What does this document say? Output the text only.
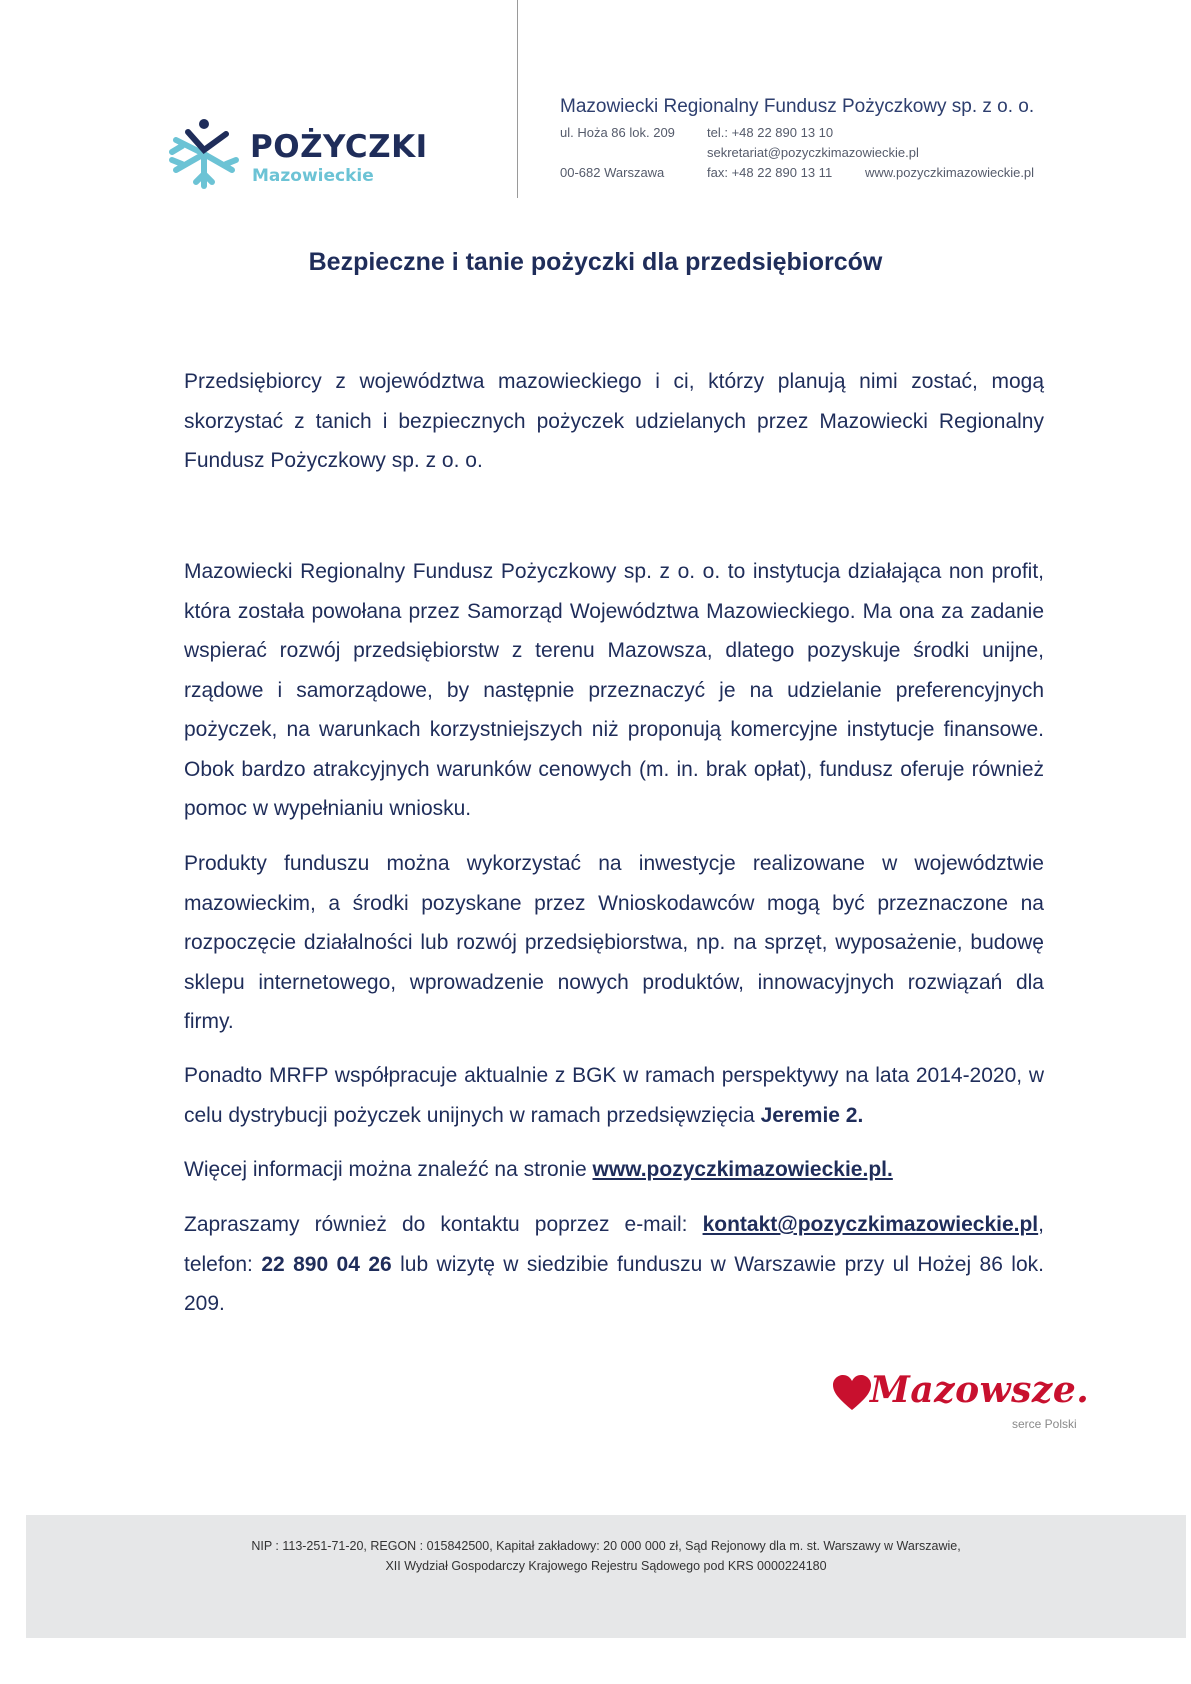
POŻYCZKI
Mazowieckie
Mazowiecki Regionalny Fundusz Pożyczkowy sp. z o. o.
ul. Hoża 86 lok. 209 tel.: +48 22 890 13 10
sekretariat@pozyczkimazowieckie.pl
00-682 Warszawa	fax: +48 22 890 13 11	www.pozyczkimazowieckie.pl
Bezpieczne i tanie pożyczki dla przedsiębiorców

Przedsiębiorcy z województwa mazowieckiego i ci, którzy planują nimi zostać, mogą skorzystać z tanich i bezpiecznych pożyczek udzielanych przez Mazowiecki Regionalny Fundusz Pożyczkowy sp. z o. o.

Mazowiecki Regionalny Fundusz Pożyczkowy sp. z o. o. to instytucja działająca non profit, która została powołana przez Samorząd Województwa Mazowieckiego. Ma ona za zadanie wspierać rozwój przedsiębiorstw z terenu Mazowsza, dlatego pozyskuje środki unijne, rządowe i samorządowe, by następnie przeznaczyć je na udzielanie preferencyjnych pożyczek, na warunkach korzystniejszych niż proponują komercyjne instytucje finansowe. Obok bardzo atrakcyjnych warunków cenowych (m. in. brak opłat), fundusz oferuje również pomoc w wypełnianiu wniosku.

Produkty funduszu można wykorzystać na inwestycje realizowane w województwie mazowieckim, a środki pozyskane przez Wnioskodawców mogą być przeznaczone na rozpoczęcie działalności lub rozwój przedsiębiorstwa, np. na sprzęt, wyposażenie, budowę sklepu internetowego, wprowadzenie nowych produktów, innowacyjnych rozwiązań dla firmy.

Ponadto MRFP współpracuje aktualnie z BGK w ramach perspektywy na lata 2014-2020, w celu dystrybucji pożyczek unijnych w ramach przedsięwzięcia Jeremie 2.

Więcej informacji można znaleźć na stronie www.pozyczkimazowieckie.pl.

Zapraszamy również do kontaktu poprzez e-mail: kontakt@pozyczkimazowieckie.pl, telefon: 22 890 04 26 lub wizytę w siedzibie funduszu w Warszawie przy ul Hożej 86 lok. 209.

Mazowsze.
serce Polski
NIP : 113-251-71-20, REGON : 015842500, Kapitał zakładowy: 20 000 000 zł, Sąd Rejonowy dla m. st. Warszawy w Warszawie,
XII Wydział Gospodarczy Krajowego Rejestru Sądowego pod KRS 0000224180
